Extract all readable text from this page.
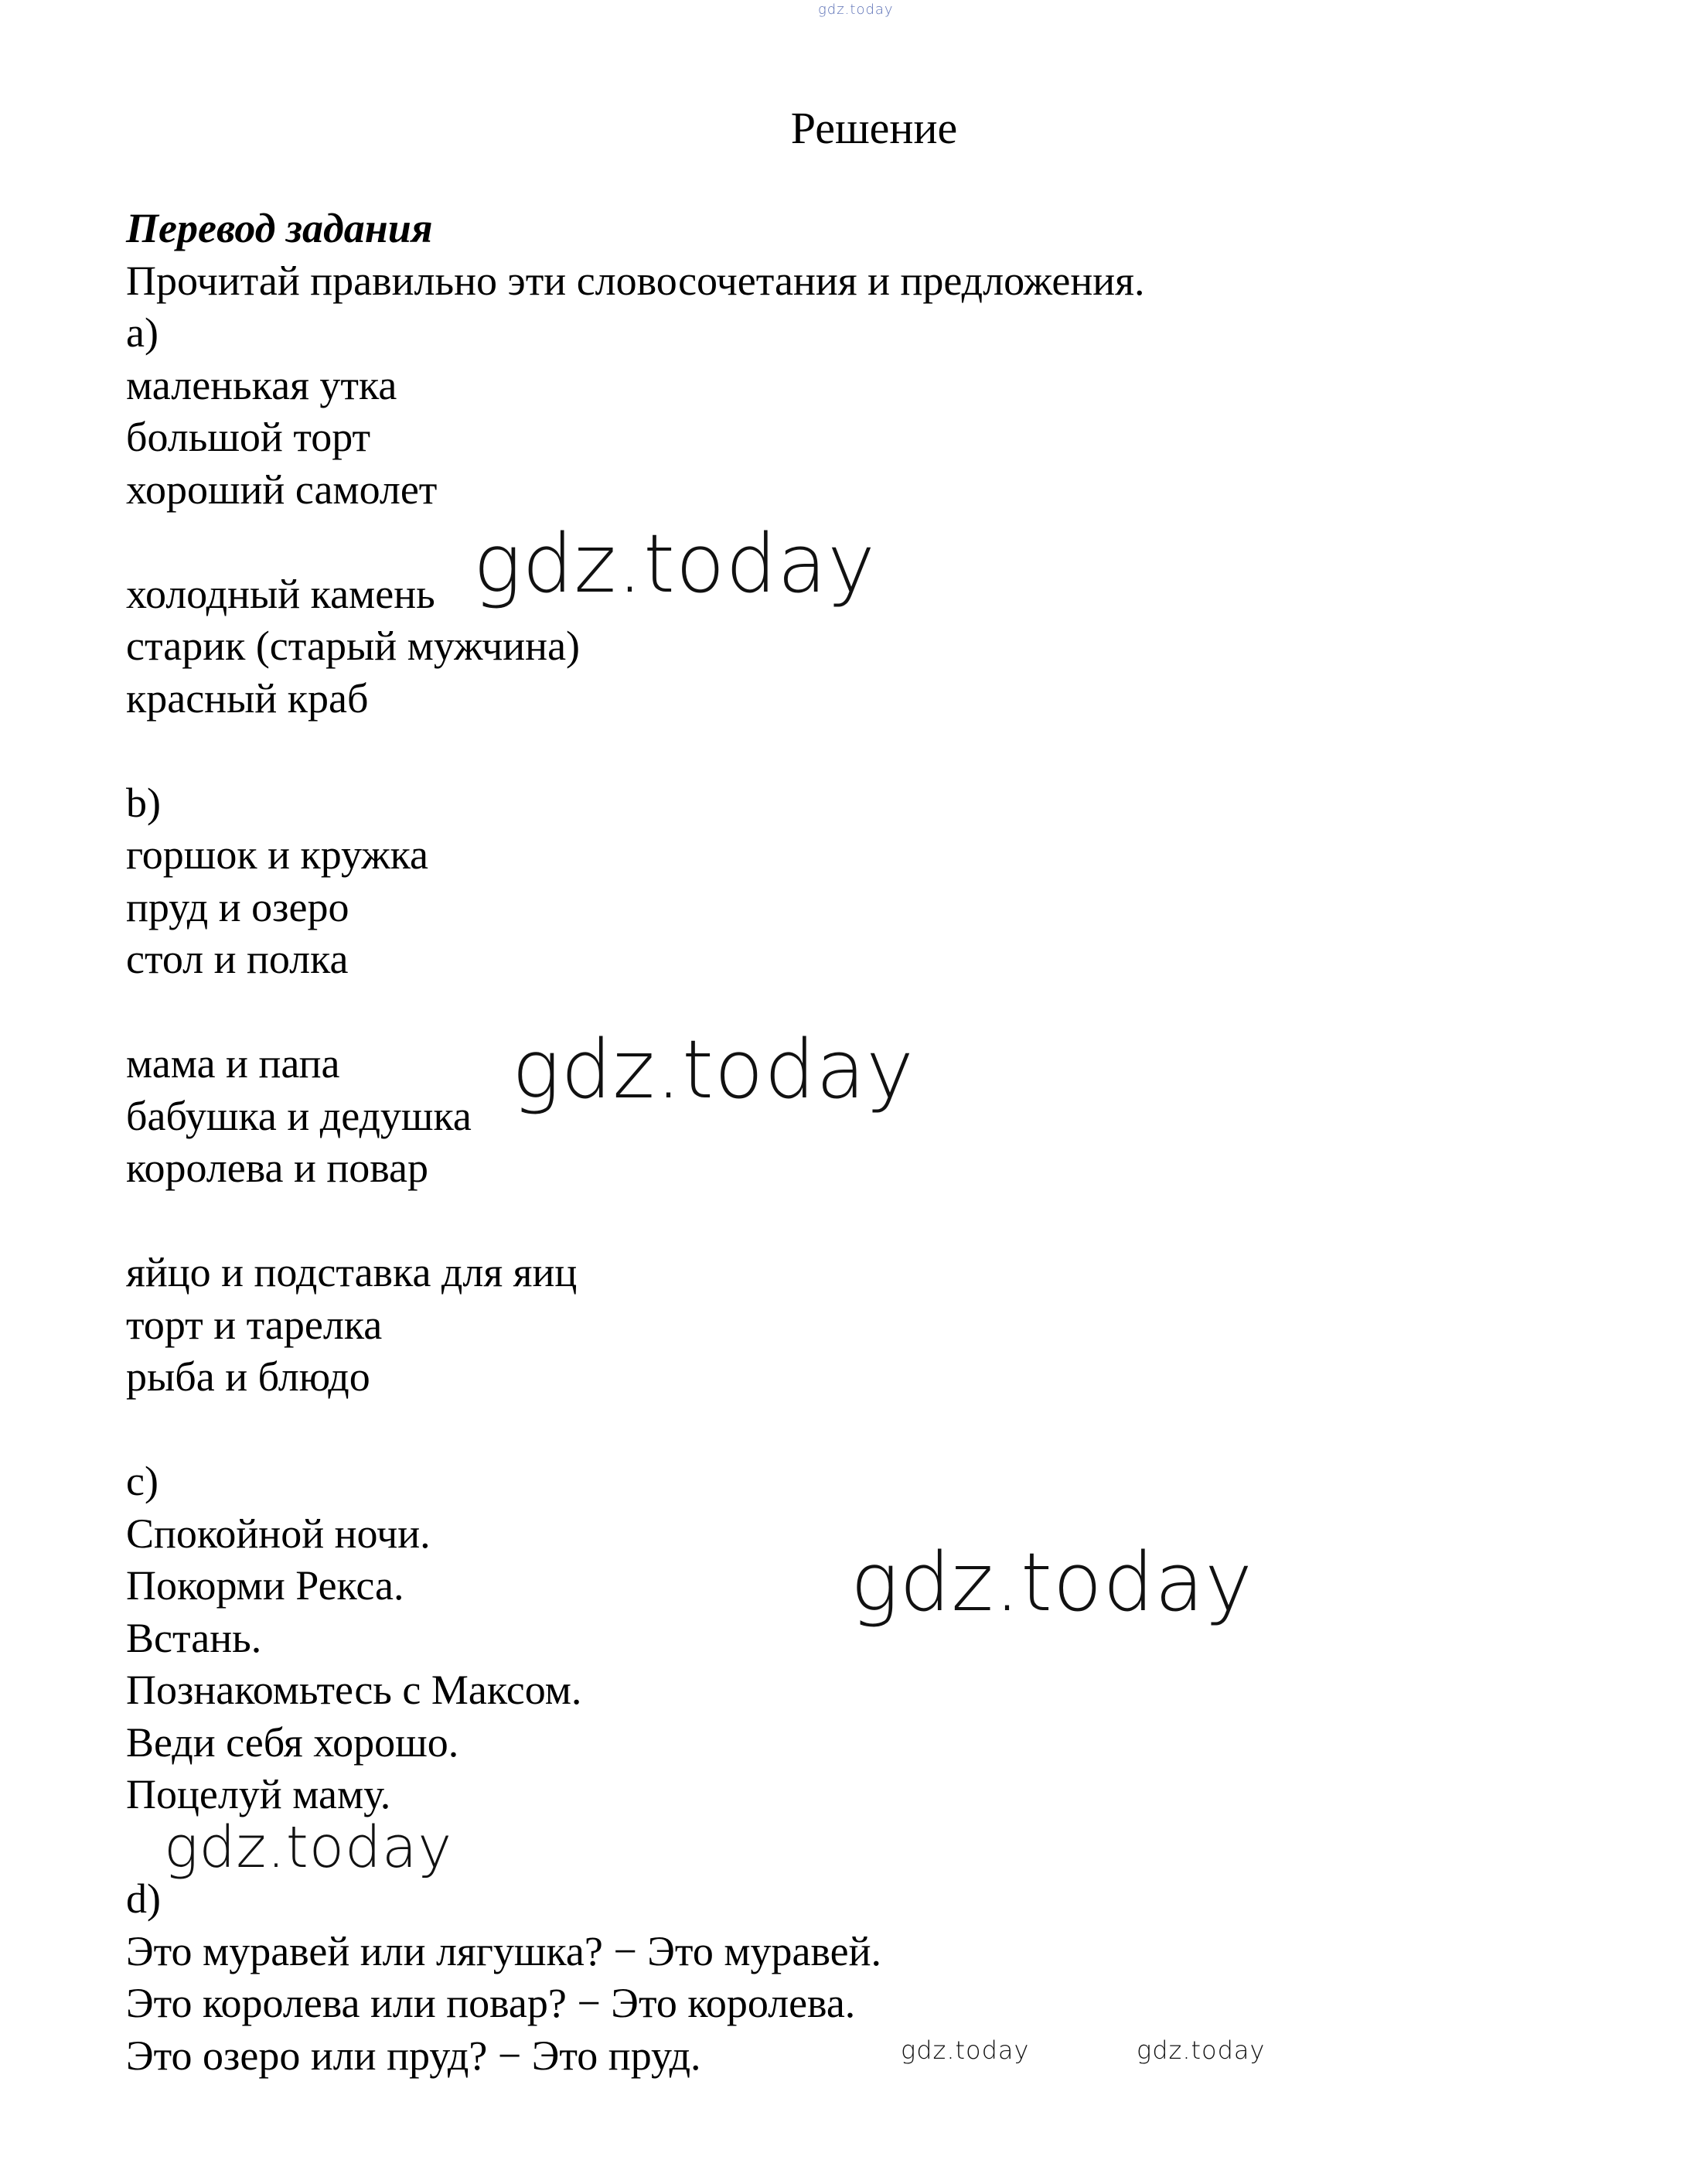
gdz.today
Решение
Перевод задания
Прочитай правильно эти словосочетания и предложения.
a)
маленькая утка
большой торт
хороший самолет
холодный камень
старик (старый мужчина)
красный краб
b)
горшок и кружка
пруд и озеро
стол и полка
мама и папа
бабушка и дедушка
королева и повар
яйцо и подставка для яиц
торт и тарелка
рыба и блюдо
c)
Спокойной ночи.
Покорми Рекса.
Встань.
Познакомьтесь с Максом.
Веди себя хорошо.
Поцелуй маму.
d)
Это муравей или лягушка? − Это муравей.
Это королева или повар? − Это королева.
Это озеро или пруд? − Это пруд.
gdz.today
gdz.today
gdz.today
gdz.today
gdz.today	gdz.today
